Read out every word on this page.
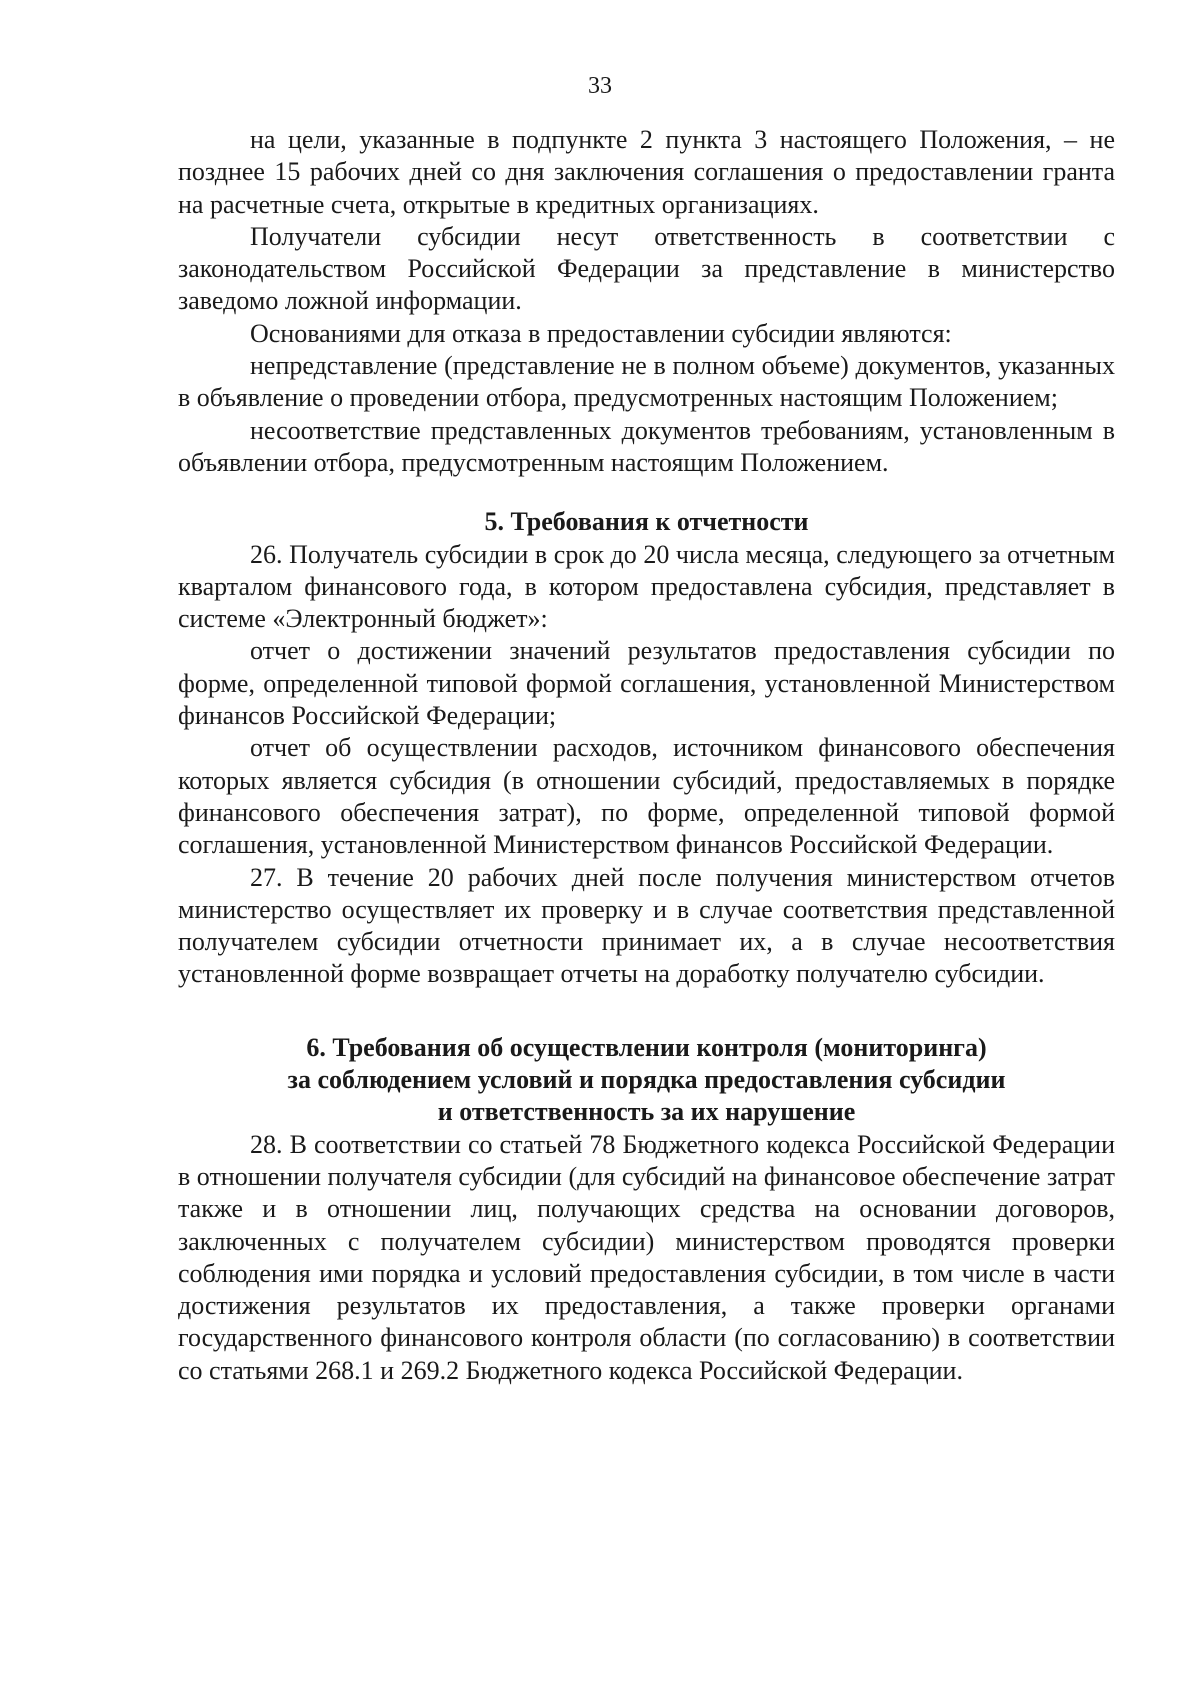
33

на цели, указанные в подпункте 2 пункта 3 настоящего Положения, – не позднее 15 рабочих дней со дня заключения соглашения о предоставлении гранта на расчетные счета, открытые в кредитных организациях.

Получатели субсидии несут ответственность в соответствии с законодательством Российской Федерации за представление в министерство заведомо ложной информации.

Основаниями для отказа в предоставлении субсидии являются:

непредставление (представление не в полном объеме) документов, указанных в объявление о проведении отбора, предусмотренных настоящим Положением;

несоответствие представленных документов требованиям, установленным в объявлении отбора, предусмотренным настоящим Положением.

5. Требования к отчетности

26. Получатель субсидии в срок до 20 числа месяца, следующего за отчетным кварталом финансового года, в котором предоставлена субсидия, представляет в системе «Электронный бюджет»:

отчет о достижении значений результатов предоставления субсидии по форме, определенной типовой формой соглашения, установленной Министерством финансов Российской Федерации;

отчет об осуществлении расходов, источником финансового обеспечения которых является субсидия (в отношении субсидий, предоставляемых в порядке финансового обеспечения затрат), по форме, определенной типовой формой соглашения, установленной Министерством финансов Российской Федерации.

27. В течение 20 рабочих дней после получения министерством отчетов министерство осуществляет их проверку и в случае соответствия представленной получателем субсидии отчетности принимает их, а в случае несоответствия установленной форме возвращает отчеты на доработку получателю субсидии.

6. Требования об осуществлении контроля (мониторинга)

за соблюдением условий и порядка предоставления субсидии

и ответственность за их нарушение

28. В соответствии со статьей 78 Бюджетного кодекса Российской Федерации в отношении получателя субсидии (для субсидий на финансовое обеспечение затрат также и в отношении лиц, получающих средства на основании договоров, заключенных с получателем субсидии) министерством проводятся проверки соблюдения ими порядка и условий предоставления субсидии, в том числе в части достижения результатов их предоставления, а также проверки органами государственного финансового контроля области (по согласованию) в соответствии со статьями 268.1 и 269.2 Бюджетного кодекса Российской Федерации.
